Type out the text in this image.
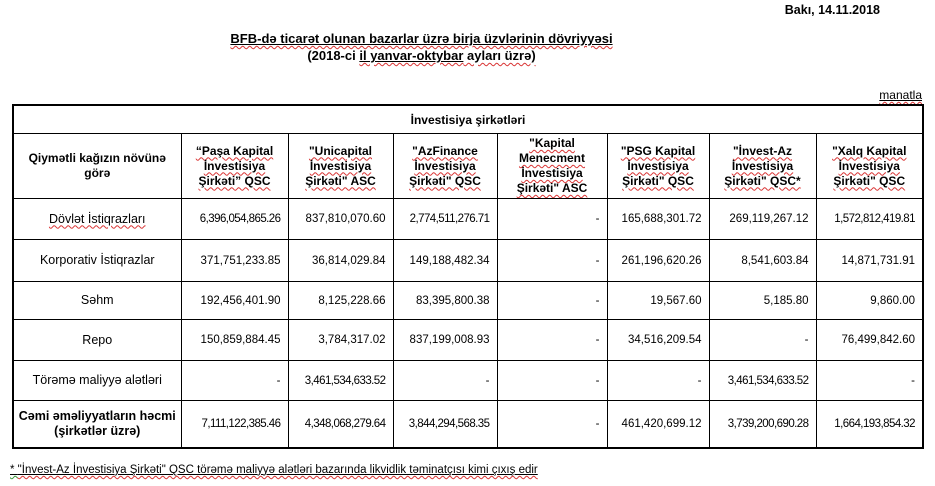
Bakı, 14.11.2018
BFB-də ticarət olunan bazarlar üzrə birja üzvlərinin dövriyyəsi
(2018-ci il yanvar-oktybar ayları üzrə)
manatla
İnvestisiya şirkətləri							
Qiymətli kağızın növünə görə	“Paşa Kapital İnvestisiya Şirkəti” QSC	"Unicapital İnvestisiya Şirkəti" ASC	"AzFinance İnvestisiya Şirkəti" QSC	"Kapital Menecment İnvestisiya Şirkəti" ASC	"PSG Kapital İnvestisiya Şirkəti" QSC	"İnvest-Az İnvestisiya Şirkəti" QSC*	"Xalq Kapital İnvestisiya Şirkəti" QSC
Dövlət İstiqrazları	6,396,054,865.26	837,810,070.60	2,774,511,276.71	-	165,688,301.72	269,119,267.12	1,572,812,419.81
Korporativ İstiqrazlar	371,751,233.85	36,814,029.84	149,188,482.34	-	261,196,620.26	8,541,603.84	14,871,731.91
Səhm	192,456,401.90	8,125,228.66	83,395,800.38	-	19,567.60	5,185.80	9,860.00
Repo	150,859,884.45	3,784,317.02	837,199,008.93	-	34,516,209.54	-	76,499,842.60
Törəmə maliyyə alətləri	-	3,461,534,633.52	-	-	-	3,461,534,633.52	-
Cəmi əməliyyatların həcmi (şirkətlər üzrə)	7,111,122,385.46	4,348,068,279.64	3,844,294,568.35	-	461,420,699.12	3,739,200,690.28	1,664,193,854.32
* "İnvest-Az İnvestisiya Şirkəti" QSC törəmə maliyyə alətləri bazarında likvidlik təminatçısı kimi çıxış edir
